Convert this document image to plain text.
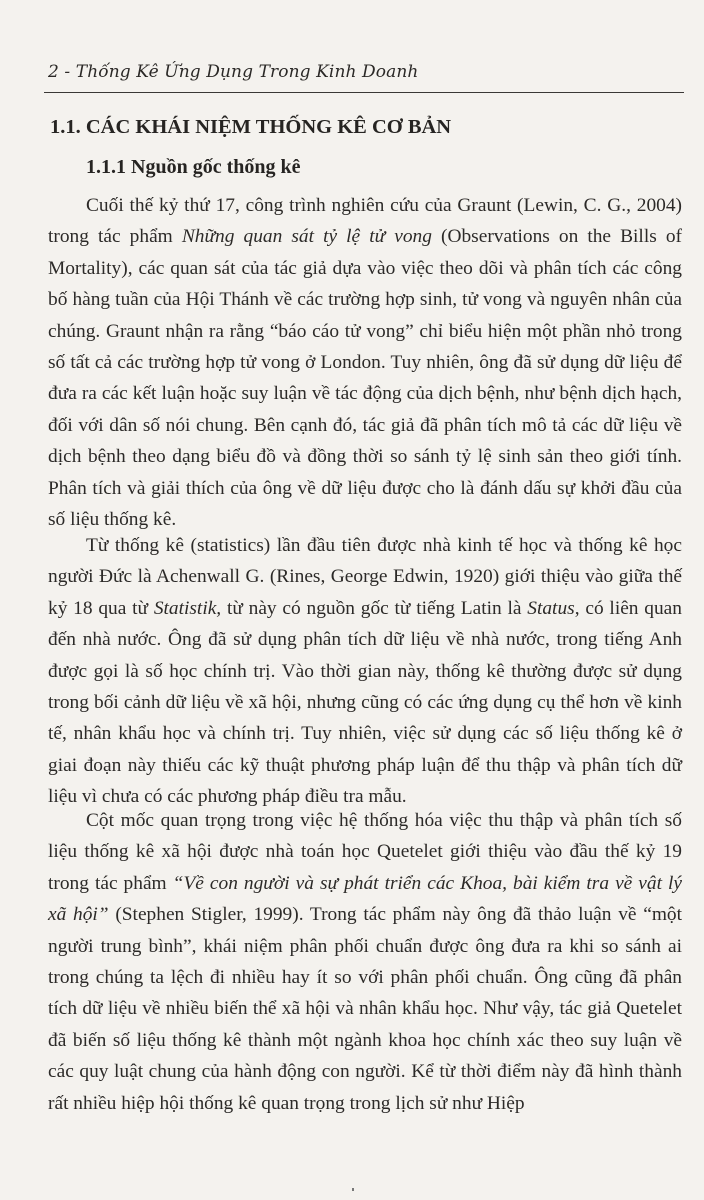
2 - Thống Kê Ứng Dụng Trong Kinh Doanh
1.1. CÁC KHÁI NIỆM THỐNG KÊ CƠ BẢN
1.1.1 Nguồn gốc thống kê

Cuối thế kỷ thứ 17, công trình nghiên cứu của Graunt (Lewin, C. G., 2004) trong tác phẩm Những quan sát tỷ lệ tử vong (Observations on the Bills of Mortality), các quan sát của tác giả dựa vào việc theo dõi và phân tích các công bố hàng tuần của Hội Thánh về các trường hợp sinh, tử vong và nguyên nhân của chúng. Graunt nhận ra rằng “báo cáo tử vong” chỉ biểu hiện một phần nhỏ trong số tất cả các trường hợp tử vong ở London. Tuy nhiên, ông đã sử dụng dữ liệu để đưa ra các kết luận hoặc suy luận về tác động của dịch bệnh, như bệnh dịch hạch, đối với dân số nói chung. Bên cạnh đó, tác giả đã phân tích mô tả các dữ liệu về dịch bệnh theo dạng biểu đồ và đồng thời so sánh tỷ lệ sinh sản theo giới tính. Phân tích và giải thích của ông về dữ liệu được cho là đánh dấu sự khởi đầu của số liệu thống kê.

Từ thống kê (statistics) lần đầu tiên được nhà kinh tế học và thống kê học người Đức là Achenwall G. (Rines, George Edwin, 1920) giới thiệu vào giữa thế kỷ 18 qua từ Statistik, từ này có nguồn gốc từ tiếng Latin là Status, có liên quan đến nhà nước. Ông đã sử dụng phân tích dữ liệu về nhà nước, trong tiếng Anh được gọi là số học chính trị. Vào thời gian này, thống kê thường được sử dụng trong bối cảnh dữ liệu về xã hội, nhưng cũng có các ứng dụng cụ thể hơn về kinh tế, nhân khẩu học và chính trị. Tuy nhiên, việc sử dụng các số liệu thống kê ở giai đoạn này thiếu các kỹ thuật phương pháp luận để thu thập và phân tích dữ liệu vì chưa có các phương pháp điều tra mẫu.

Cột mốc quan trọng trong việc hệ thống hóa việc thu thập và phân tích số liệu thống kê xã hội được nhà toán học Quetelet giới thiệu vào đầu thế kỷ 19 trong tác phẩm “Về con người và sự phát triển các Khoa, bài kiểm tra về vật lý xã hội” (Stephen Stigler, 1999). Trong tác phẩm này ông đã thảo luận về “một người trung bình”, khái niệm phân phối chuẩn được ông đưa ra khi so sánh ai trong chúng ta lệch đi nhiều hay ít so với phân phối chuẩn. Ông cũng đã phân tích dữ liệu về nhiều biến thể xã hội và nhân khẩu học. Như vậy, tác giả Quetelet đã biến số liệu thống kê thành một ngành khoa học chính xác theo suy luận về các quy luật chung của hành động con người. Kể từ thời điểm này đã hình thành rất nhiều hiệp hội thống kê quan trọng trong lịch sử như Hiệp
